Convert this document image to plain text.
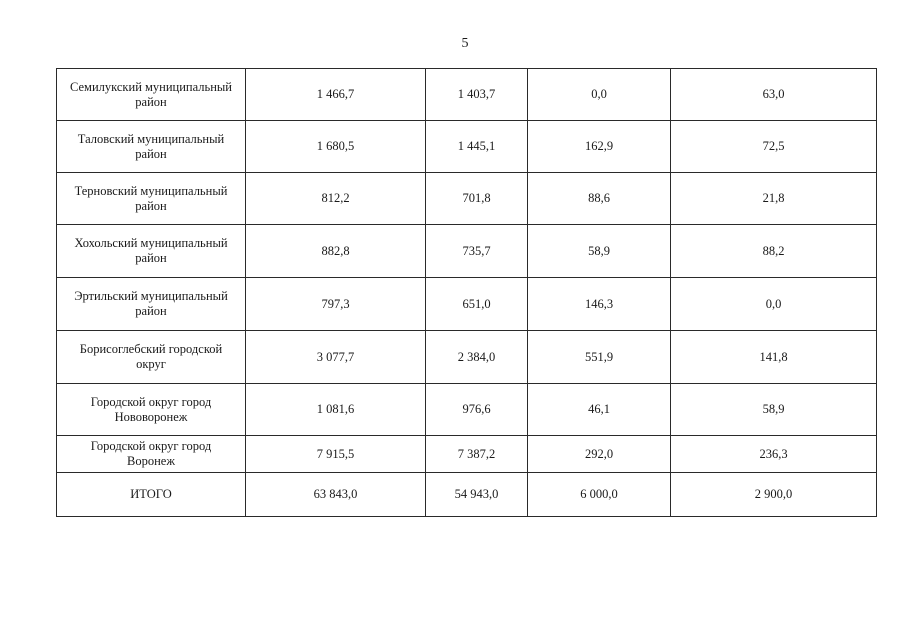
5
Семилукский муниципальный район	1 466,7	1 403,7	0,0	63,0
Таловский муниципальный район	1 680,5	1 445,1	162,9	72,5
Терновский муниципальный район	812,2	701,8	88,6	21,8
Хохольский муниципальный район	882,8	735,7	58,9	88,2
Эртильский муниципальный район	797,3	651,0	146,3	0,0
Борисоглебский городской округ	3 077,7	2 384,0	551,9	141,8
Городской округ город Нововоронеж	1 081,6	976,6	46,1	58,9
Городской округ город Воронеж	7 915,5	7 387,2	292,0	236,3
ИТОГО	63 843,0	54 943,0	6 000,0	2 900,0
